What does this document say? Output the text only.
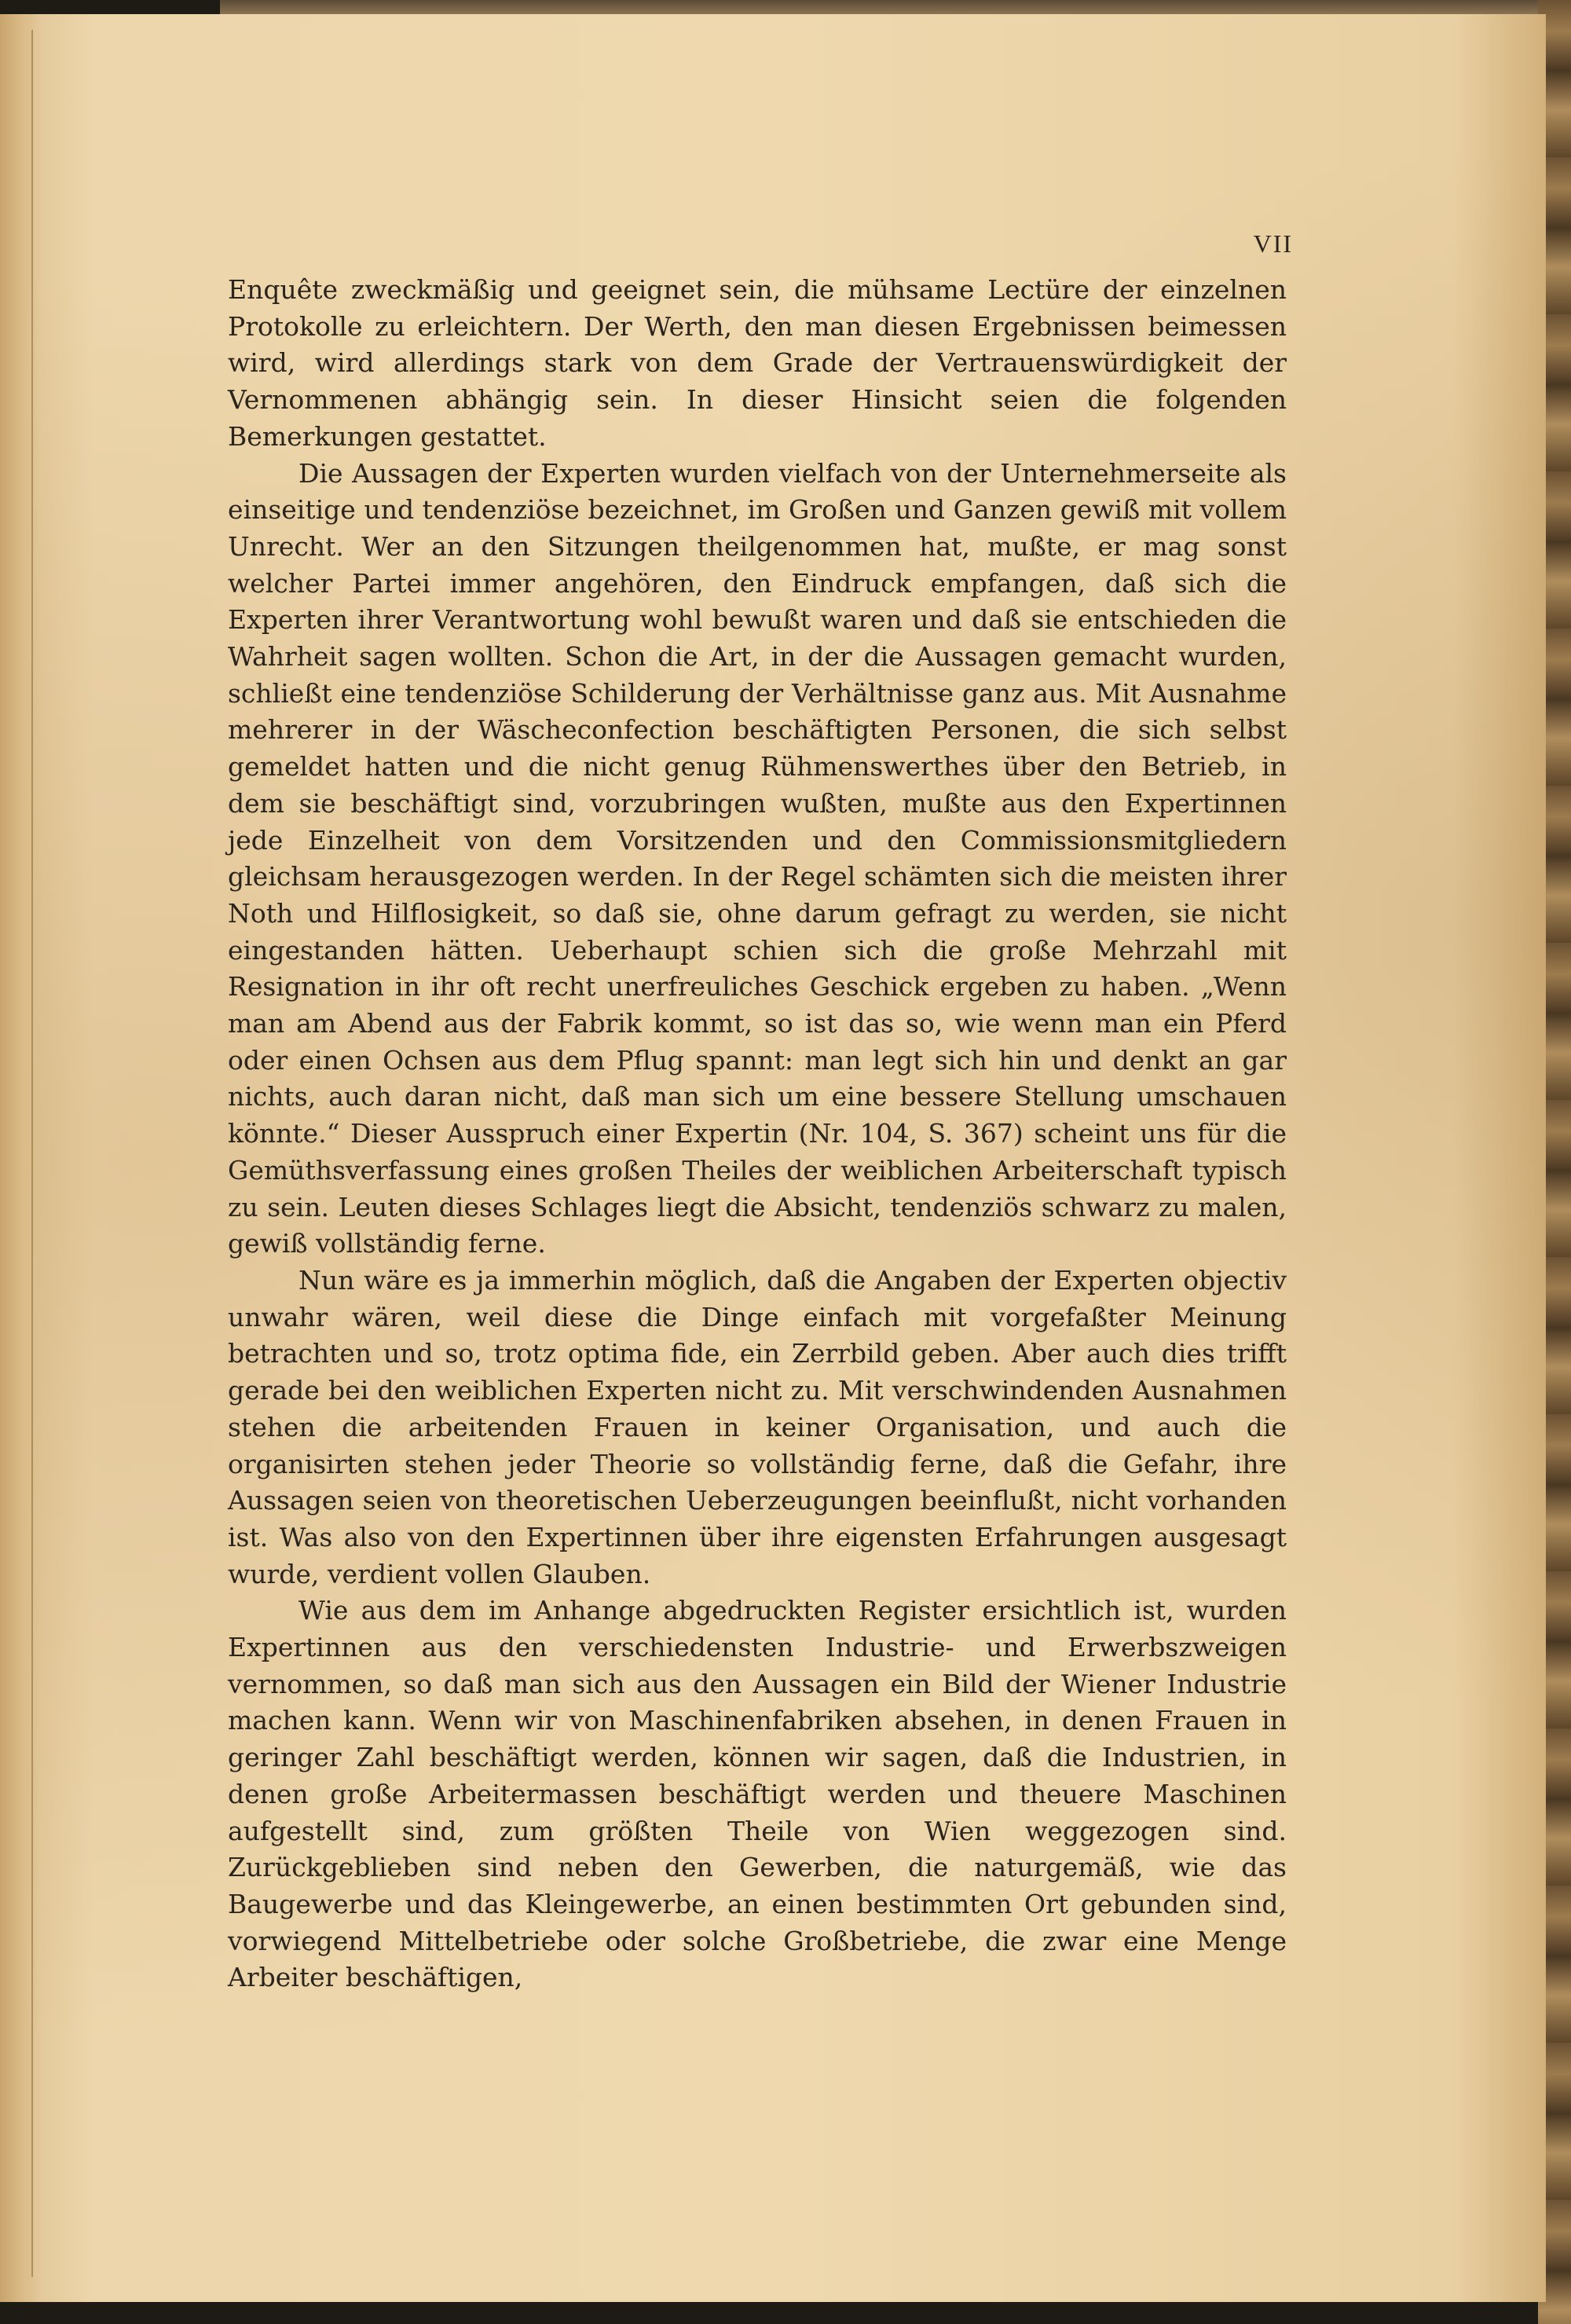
VII

Enquête zweckmäßig und geeignet sein, die mühsame Lectüre der einzelnen Protokolle zu erleichtern. Der Werth, den man diesen Ergebnissen beimessen wird, wird allerdings stark von dem Grade der Vertrauenswürdigkeit der Vernommenen abhängig sein. In dieser Hinsicht seien die folgenden Bemerkungen gestattet.

Die Aussagen der Experten wurden vielfach von der Unternehmerseite als einseitige und tendenziöse bezeichnet, im Großen und Ganzen gewiß mit vollem Unrecht. Wer an den Sitzungen theilgenommen hat, mußte, er mag sonst welcher Partei immer angehören, den Eindruck empfangen, daß sich die Experten ihrer Verantwortung wohl bewußt waren und daß sie entschieden die Wahrheit sagen wollten. Schon die Art, in der die Aussagen gemacht wurden, schließt eine tendenziöse Schilderung der Verhältnisse ganz aus. Mit Ausnahme mehrerer in der Wäscheconfection beschäftigten Personen, die sich selbst gemeldet hatten und die nicht genug Rühmenswerthes über den Betrieb, in dem sie beschäftigt sind, vorzubringen wußten, mußte aus den Expertinnen jede Einzelheit von dem Vorsitzenden und den Commissionsmitgliedern gleichsam herausgezogen werden. In der Regel schämten sich die meisten ihrer Noth und Hilflosigkeit, so daß sie, ohne darum gefragt zu werden, sie nicht eingestanden hätten. Ueberhaupt schien sich die große Mehrzahl mit Resignation in ihr oft recht unerfreuliches Geschick ergeben zu haben. „Wenn man am Abend aus der Fabrik kommt, so ist das so, wie wenn man ein Pferd oder einen Ochsen aus dem Pflug spannt: man legt sich hin und denkt an gar nichts, auch daran nicht, daß man sich um eine bessere Stellung umschauen könnte.“ Dieser Ausspruch einer Expertin (Nr. 104, S. 367) scheint uns für die Gemüthsverfassung eines großen Theiles der weiblichen Arbeiterschaft typisch zu sein. Leuten dieses Schlages liegt die Absicht, tendenziös schwarz zu malen, gewiß vollständig ferne.

Nun wäre es ja immerhin möglich, daß die Angaben der Experten objectiv unwahr wären, weil diese die Dinge einfach mit vorgefaßter Meinung betrachten und so, trotz optima fide, ein Zerrbild geben. Aber auch dies trifft gerade bei den weiblichen Experten nicht zu. Mit verschwindenden Ausnahmen stehen die arbeitenden Frauen in keiner Organisation, und auch die organisirten stehen jeder Theorie so vollständig ferne, daß die Gefahr, ihre Aussagen seien von theoretischen Ueberzeugungen beeinflußt, nicht vorhanden ist. Was also von den Expertinnen über ihre eigensten Erfahrungen ausgesagt wurde, verdient vollen Glauben.

Wie aus dem im Anhange abgedruckten Register ersichtlich ist, wurden Expertinnen aus den verschiedensten Industrie- und Erwerbszweigen vernommen, so daß man sich aus den Aussagen ein Bild der Wiener Industrie machen kann. Wenn wir von Maschinenfabriken absehen, in denen Frauen in geringer Zahl beschäftigt werden, können wir sagen, daß die Industrien, in denen große Arbeitermassen beschäftigt werden und theuere Maschinen aufgestellt sind, zum größten Theile von Wien weggezogen sind. Zurückgeblieben sind neben den Gewerben, die naturgemäß, wie das Baugewerbe und das Kleingewerbe, an einen bestimmten Ort gebunden sind, vorwiegend Mittelbetriebe oder solche Großbetriebe, die zwar eine Menge Arbeiter beschäftigen,
